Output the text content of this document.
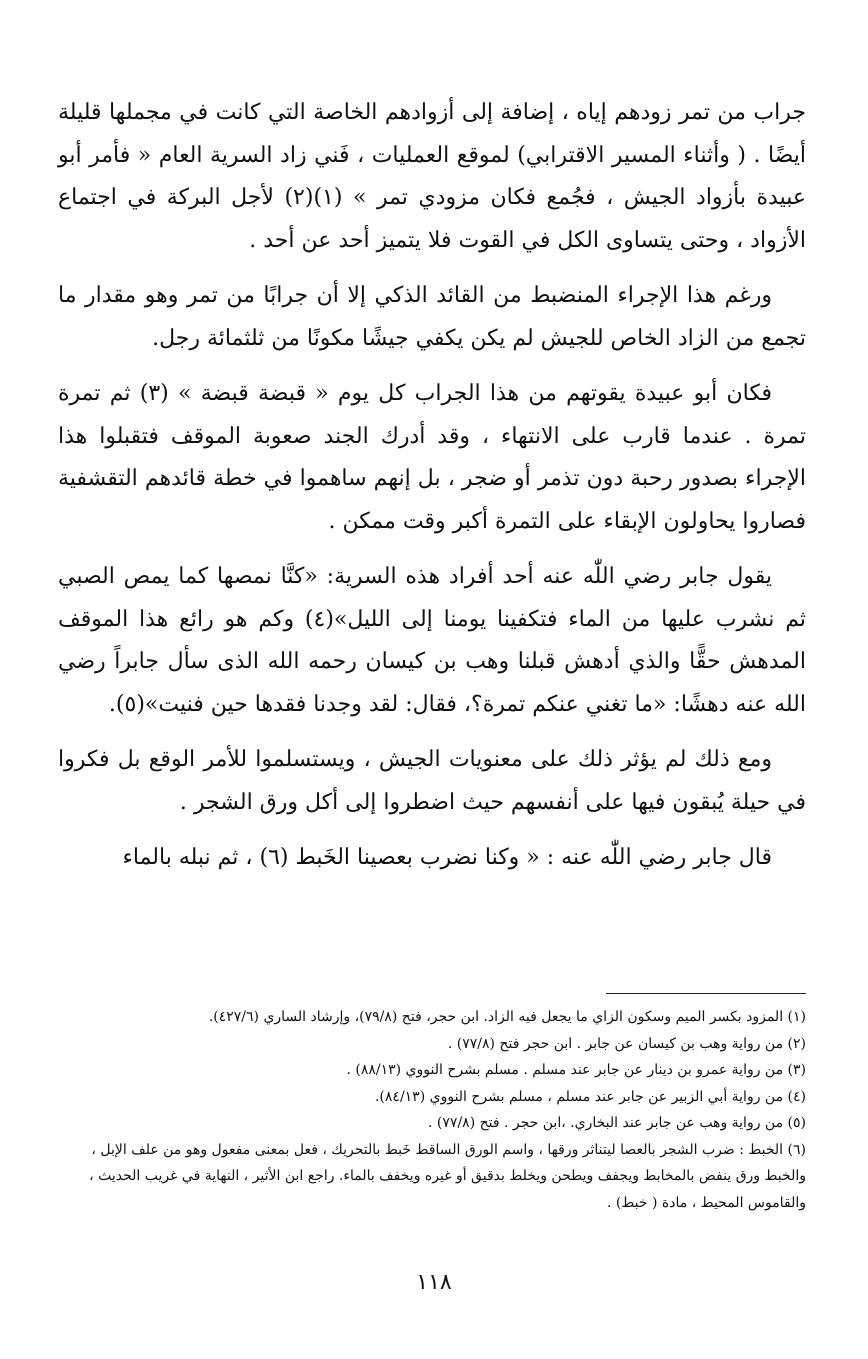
جراب من تمر زودهم إياه ، إضافة إلى أزوادهم الخاصة التي كانت في مجملها قليلة أيضًا . ( وأثناء المسير الاقترابي) لموقع العمليات ، فَني زاد السرية العام « فأمر أبو عبيدة بأزواد الجيش ، فجُمع فكان مزودي تمر » (١)(٢) لأجل البركة في اجتماع الأزواد ، وحتى يتساوى الكل في القوت فلا يتميز أحد عن أحد .

ورغم هذا الإجراء المنضبط من القائد الذكي إلا أن جرابًا من تمر وهو مقدار ما تجمع من الزاد الخاص للجيش لم يكن يكفي جيشًا مكونًا من ثلثمائة رجل.

فكان أبو عبيدة يقوتهم من هذا الجراب كل يوم « قبضة قبضة » (٣) ثم تمرة تمرة . عندما قارب على الانتهاء ، وقد أدرك الجند صعوبة الموقف فتقبلوا هذا الإجراء بصدور رحبة دون تذمر أو ضجر ، بل إنهم ساهموا في خطة قائدهم التقشفية فصاروا يحاولون الإبقاء على التمرة أكبر وقت ممكن .

يقول جابر رضي اللّٰه عنه أحد أفراد هذه السرية: «كنَّا نمصها كما يمص الصبي ثم نشرب عليها من الماء فتكفينا يومنا إلى الليل»(٤) وكم هو رائع هذا الموقف المدهش حقًّا والذي أدهش قبلنا وهب بن كيسان رحمه الله الذى سأل جابراً رضي الله عنه دهشًا: «ما تغني عنكم تمرة؟، فقال: لقد وجدنا فقدها حين فنيت»(٥).

ومع ذلك لم يؤثر ذلك على معنويات الجيش ، ويستسلموا للأمر الوقع بل فكروا في حيلة يُبقون فيها على أنفسهم حيث اضطروا إلى أكل ورق الشجر .

قال جابر رضي اللّٰه عنه : « وكنا نضرب بعصينا الخَبط (٦) ، ثم نبله بالماء

(١) المزود بكسر الميم وسكون الزاي ما يجعل فيه الزاد. ابن حجر، فتح (٧٩/٨)، وإرشاد الساري (٤٢٧/٦).
(٢) من رواية وهب بن كيسان عن جابر . ابن حجر فتح (٧٧/٨) .
(٣) من رواية عمرو بن دينار عن جابر عند مسلم . مسلم بشرح النووي (٨٨/١٣) .
(٤) من رواية أبي الزبير عن جابر عند مسلم ، مسلم بشرح النووي (٨٤/١٣).
(٥) من رواية وهب عن جابر عند البخاري. ،ابن حجر . فتح (٧٧/٨) .
(٦) الخبط : ضرب الشجر بالعصا ليتناثر ورقها ، واسم الورق الساقط خَبط بالتحريك ، فعل بمعنى مفعول وهو من علف الإبل ، والخبط ورق ينفض بالمخابط ويجفف ويطحن ويخلط بدقيق أو غيره ويخفف بالماء. راجع ابن الأثير ، النهاية في غريب الحديث ، والقاموس المحيط ، مادة ( خبط) .
١١٨
